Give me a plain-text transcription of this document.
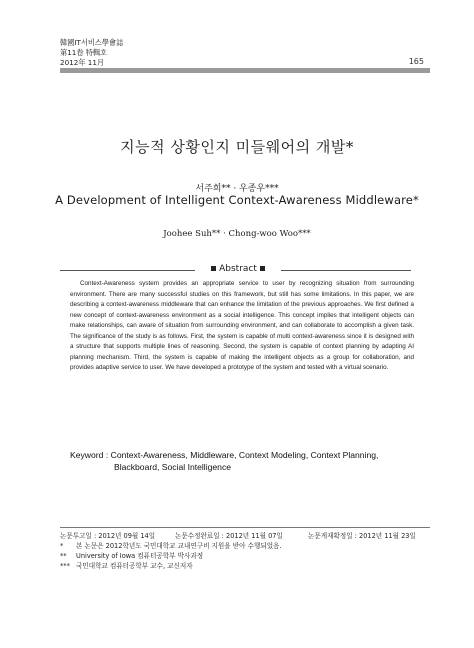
韓國IT서비스學會誌
第11卷 特輯호
2012年 11月	165
지능적 상황인지 미들웨어의 개발*
서주희** · 우종우***
A Development of Intelligent Context-Awareness Middleware*
Joohee Suh** · Chong-woo Woo***
Abstract

Context-Awareness system provides an appropriate service to user by recognizing situation from surrounding environment. There are many successful studies on this framework, but still has some limitations. In this paper, we are describing a context-awareness middleware that can enhance the limitation of the previous approaches. We first defined a new concept of context-awareness environment as a social intelligence. This concept implies that intelligent objects can make relationships, can aware of situation from surrounding environment, and can collaborate to accomplish a given task. The significance of the study is as follows. First, the system is capable of multi context-awareness since it is designed with a structure that supports multiple lines of reasoning. Second, the system is capable of context planning by adapting AI planning mechanism. Third, the system is capable of making the intelligent objects as a group for collaboration, and provides adaptive service to user. We have developed a prototype of the system and tested with a virtual scenario.

Keyword : Context-Awareness, Middleware, Context Modeling, Context Planning,
Blackboard, Social Intelligence
논문투고일 : 2012년 09월 14일	논문수정완료일 : 2012년 11월 07일	논문게재확정일 : 2012년 11월 23일
* 본 논문은 2012학년도 국민대학교 교내연구비 지원을 받아 수행되었음.
** University of Iowa 컴퓨터공학부 박사과정
*** 국민대학교 컴퓨터공학부 교수, 교신저자
